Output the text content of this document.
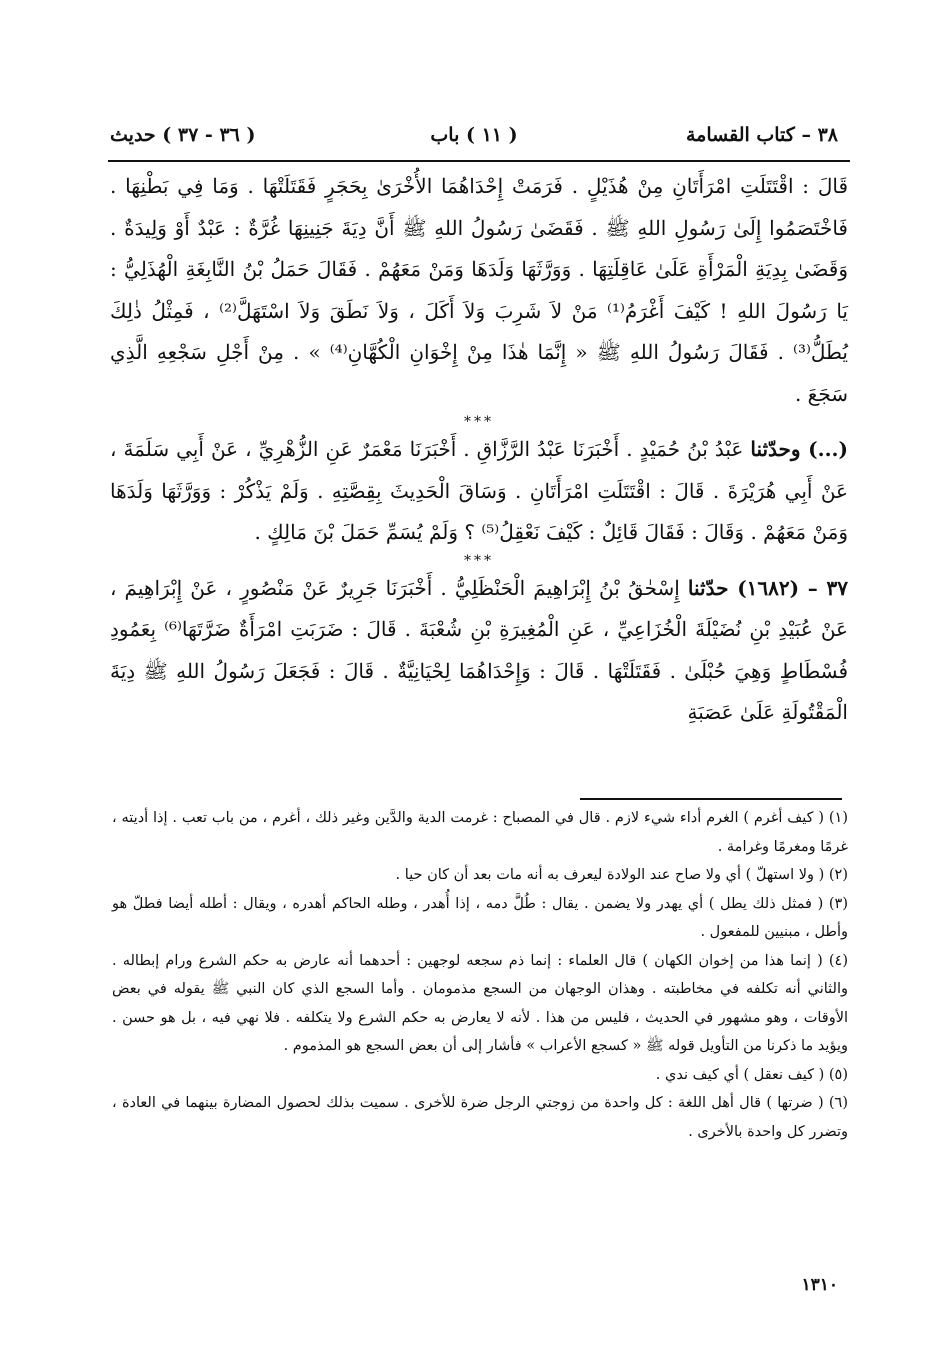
٣٨ – كتاب القسامة
( ١١ ) باب
( ٣٦ - ٣٧ ) حديث

قَالَ : اقْتَتَلَتِ امْرَأَتَانِ مِنْ هُذَيْلٍ . فَرَمَتْ إِحْدَاهُمَا الأُخْرَىٰ بِحَجَرٍ فَقَتَلَتْهَا . وَمَا فِي بَطْنِهَا . فَاخْتَصَمُوا إِلَىٰ رَسُولِ اللهِ ﷺ . فَقَضَىٰ رَسُولُ اللهِ ﷺ أَنَّ دِيَةَ جَنِينِهَا غُرَّةٌ : عَبْدٌ أَوْ وَلِيدَةٌ . وَقَضَىٰ بِدِيَةِ الْمَرْأَةِ عَلَىٰ عَاقِلَتِهَا . وَوَرَّثَهَا وَلَدَهَا وَمَنْ مَعَهُمْ . فَقَالَ حَمَلُ بْنُ النَّابِغَةِ الْهُذَلِيُّ : يَا رَسُولَ اللهِ ! كَيْفَ أَغْرَمُ⁽¹⁾ مَنْ لاَ شَرِبَ وَلاَ أَكَلَ ، وَلاَ نَطَقَ وَلاَ اسْتَهَلَّ⁽²⁾ ، فَمِثْلُ ذٰلِكَ يُطَلُّ⁽³⁾ . فَقَالَ رَسُولُ اللهِ ﷺ « إِنَّمَا هٰذَا مِنْ إِخْوَانِ الْكُهَّانِ⁽⁴⁾ » . مِنْ أَجْلِ سَجْعِهِ الَّذِي سَجَعَ .

***

(...) وحدّثنا عَبْدُ بْنُ حُمَيْدٍ . أَخْبَرَنَا عَبْدُ الرَّزَّاقِ . أَخْبَرَنَا مَعْمَرٌ عَنِ الزُّهْرِيِّ ، عَنْ أَبِي سَلَمَةَ ، عَنْ أَبِي هُرَيْرَةَ . قَالَ : اقْتَتَلَتِ امْرَأَتَانِ . وَسَاقَ الْحَدِيثَ بِقِصَّتِهِ . وَلَمْ يَذْكُرْ : وَوَرَّثَهَا وَلَدَهَا وَمَنْ مَعَهُمْ . وَقَالَ : فَقَالَ قَائِلٌ : كَيْفَ نَعْقِلُ⁽⁵⁾ ؟ وَلَمْ يُسَمِّ حَمَلَ بْنَ مَالِكٍ .

***

٣٧ – (١٦٨٢) حدّثنا إِسْحٰقُ بْنُ إِبْرَاهِيمَ الْحَنْظَلِيُّ . أَخْبَرَنَا جَرِيرٌ عَنْ مَنْصُورٍ ، عَنْ إِبْرَاهِيمَ ، عَنْ عُبَيْدِ بْنِ نُضَيْلَةَ الْخُزَاعِيِّ ، عَنِ الْمُغِيرَةِ بْنِ شُعْبَةَ . قَالَ : ضَرَبَتِ امْرَأَةٌ ضَرَّتَهَا⁽⁶⁾ بِعَمُودِ فُسْطَاطٍ وَهِيَ حُبْلَىٰ . فَقَتَلَتْهَا . قَالَ : وَإِحْدَاهُمَا لِحْيَانِيَّةٌ . قَالَ : فَجَعَلَ رَسُولُ اللهِ ﷺ دِيَةَ الْمَقْتُولَةِ عَلَىٰ عَصَبَةِ

(١) ( كيف أغرم ) الغرم أداء شيء لازم . قال في المصباح : غرمت الدية والدَّين وغير ذلك ، أغرم ، من باب تعب . إذا أديته ، غرمًا ومغرمًا وغرامة .

(٢) ( ولا استهلّ ) أي ولا صاح عند الولادة ليعرف به أنه مات بعد أن كان حيا .

(٣) ( فمثل ذلك يطل ) أي يهدر ولا يضمن . يقال : طُلَّ دمه ، إذا أُهدر ، وطله الحاكم أهدره ، ويقال : أطله أيضا فطلّ هو وأطل ، مبنيين للمفعول .

(٤) ( إنما هذا من إخوان الكهان ) قال العلماء : إنما ذم سجعه لوجهين : أحدهما أنه عارض به حكم الشرع ورام إبطاله . والثاني أنه تكلفه في مخاطبته . وهذان الوجهان من السجع مذمومان . وأما السجع الذي كان النبي ﷺ يقوله في بعض الأوقات ، وهو مشهور في الحديث ، فليس من هذا . لأنه لا يعارض به حكم الشرع ولا يتكلفه . فلا نهي فيه ، بل هو حسن . ويؤيد ما ذكرنا من التأويل قوله ﷺ « كسجع الأعراب » فأشار إلى أن بعض السجع هو المذموم .

(٥) ( كيف نعقل ) أي كيف ندي .

(٦) ( ضرتها ) قال أهل اللغة : كل واحدة من زوجتي الرجل ضرة للأخرى . سميت بذلك لحصول المضارة بينهما في العادة ، وتضرر كل واحدة بالأخرى .

١٣١٠
